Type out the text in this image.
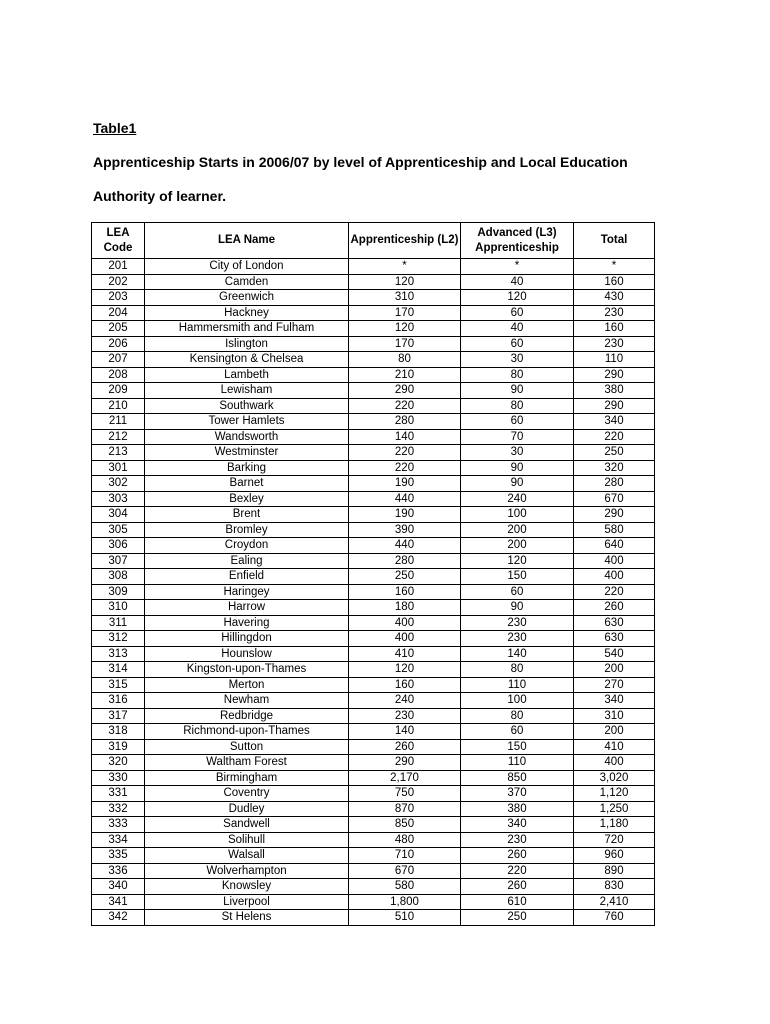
Table1
Apprenticeship Starts in 2006/07 by level of Apprenticeship and Local Education
Authority of learner.
LEA Code	LEA Name	Apprenticeship (L2)	Advanced (L3) Apprenticeship	Total
201	City of London	*	*	*
202	Camden	120	40	160
203	Greenwich	310	120	430
204	Hackney	170	60	230
205	Hammersmith and Fulham	120	40	160
206	Islington	170	60	230
207	Kensington & Chelsea	80	30	110
208	Lambeth	210	80	290
209	Lewisham	290	90	380
210	Southwark	220	80	290
211	Tower Hamlets	280	60	340
212	Wandsworth	140	70	220
213	Westminster	220	30	250
301	Barking	220	90	320
302	Barnet	190	90	280
303	Bexley	440	240	670
304	Brent	190	100	290
305	Bromley	390	200	580
306	Croydon	440	200	640
307	Ealing	280	120	400
308	Enfield	250	150	400
309	Haringey	160	60	220
310	Harrow	180	90	260
311	Havering	400	230	630
312	Hillingdon	400	230	630
313	Hounslow	410	140	540
314	Kingston-upon-Thames	120	80	200
315	Merton	160	110	270
316	Newham	240	100	340
317	Redbridge	230	80	310
318	Richmond-upon-Thames	140	60	200
319	Sutton	260	150	410
320	Waltham Forest	290	110	400
330	Birmingham	2,170	850	3,020
331	Coventry	750	370	1,120
332	Dudley	870	380	1,250
333	Sandwell	850	340	1,180
334	Solihull	480	230	720
335	Walsall	710	260	960
336	Wolverhampton	670	220	890
340	Knowsley	580	260	830
341	Liverpool	1,800	610	2,410
342	St Helens	510	250	760
